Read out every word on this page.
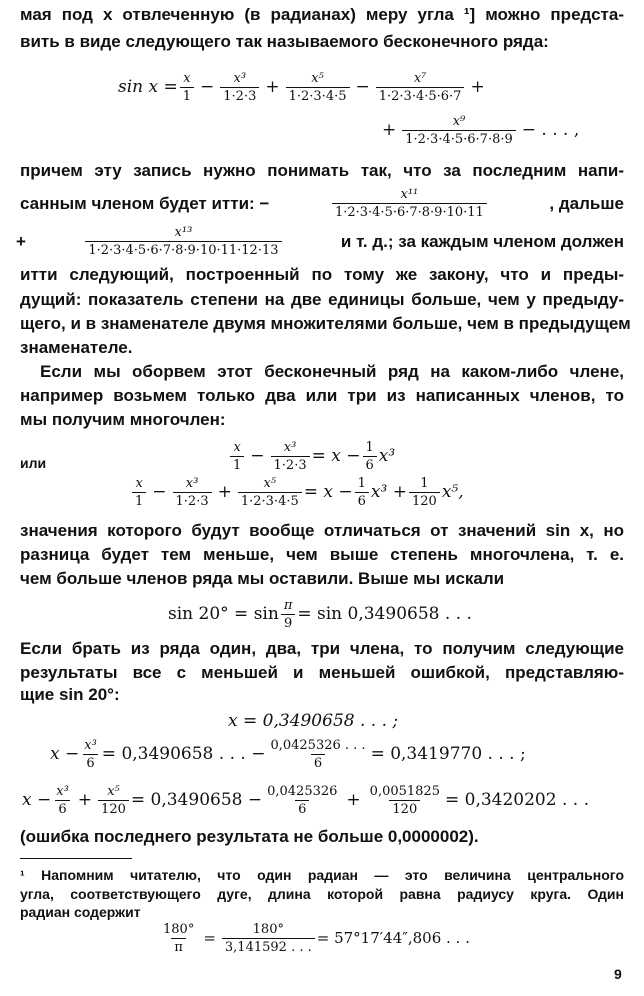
мая под x отвлеченную (в радианах) меру угла ¹] можно предста-

вить в виде следующего так называемого бесконечного ряда:

$\sin x = \frac{x}{1} - \frac{\text{x³}}{1\cdot 2\cdot 3} + \frac{\text{x⁵}}{1\cdot 2\cdot 3\cdot 4\cdot 5} - \frac{\text{x⁷}}{1\cdot 2\cdot 3\cdot 4\cdot 5\cdot 6\cdot 7}$ +
+ $\frac{\text{x⁹}}{1\cdot 2\cdot 3\cdot 4\cdot 5\cdot 6\cdot 7\cdot 8\cdot 9}$ − . . . ,

причем эту запись нужно понимать так, что за последним напи-

санным членом будет итти: −	$\frac{\text{x¹¹}}{1\cdot 2\cdot 3\cdot 4\cdot 5\cdot 6\cdot 7\cdot 8\cdot 9\cdot 10\cdot 11}$	, дальше
+	$\frac{\text{x¹³}}{1\cdot 2\cdot 3\cdot 4\cdot 5\cdot 6\cdot 7\cdot 8\cdot 9\cdot 10\cdot 11\cdot 12\cdot 13}$	и т. д.; за каждым членом должен

итти следующий, построенный по тому же закону, что и преды-

дущий: показатель степени на две единицы больше, чем у предыду-

щего, и в знаменателе двумя множителями больше, чем в предыдущем

знаменателе.

Если мы оборвем этот бесконечный ряд на каком-либо члене,

например возьмем только два или три из написанных членов, то

мы получим многочлен:

$\frac{x}{1} - \frac{\text{x³}}{1\cdot 2\cdot 3} = x - \frac{1}{6} x^3$

или

$\frac{x}{1} - \frac{\text{x³}}{1\cdot 2\cdot 3} + \frac{\text{x⁵}}{1\cdot 2\cdot 3\cdot 4\cdot 5} = x - \frac{1}{6} x^3 + \frac{1}{120} x^5$,

значения которого будут вообще отличаться от значений sin x, но

разница будет тем меньше, чем выше степень многочлена, т. е.

чем больше членов ряда мы оставили. Выше мы искали

$\sin 20^\circ = \sin \frac{\pi}{9} = \sin 0,3490658$ . . .

Если брать из ряда один, два, три члена, то получим следующие

результаты все с меньшей и меньшей ошибкой, представляю-

щие sin 20°:

x = 0,3490658 . . . ;
$x - \frac{\text{x³}}{6} = 0,3490658$ . . . − $\frac{0,0425326 . . .}{6} = 0,3419770$ . . . ;
$x - \frac{\text{x³}}{6} + \frac{\text{x⁵}}{120} = 0,3490658 - \frac{0,0425326}{6} + \frac{0,0051825}{120} = 0,3420202$ . . .

(ошибка последнего результата не больше 0,0000002).

¹ Напомним читателю, что один радиан — это величина центрального

угла, соответствующего дуге, длина которой равна радиусу круга. Один

радиан содержит

$\frac{180^\circ}{\pi} = \frac{180^\circ}{3,141592 . . .} = 57^\circ 17'44'',806$ . . .
9
